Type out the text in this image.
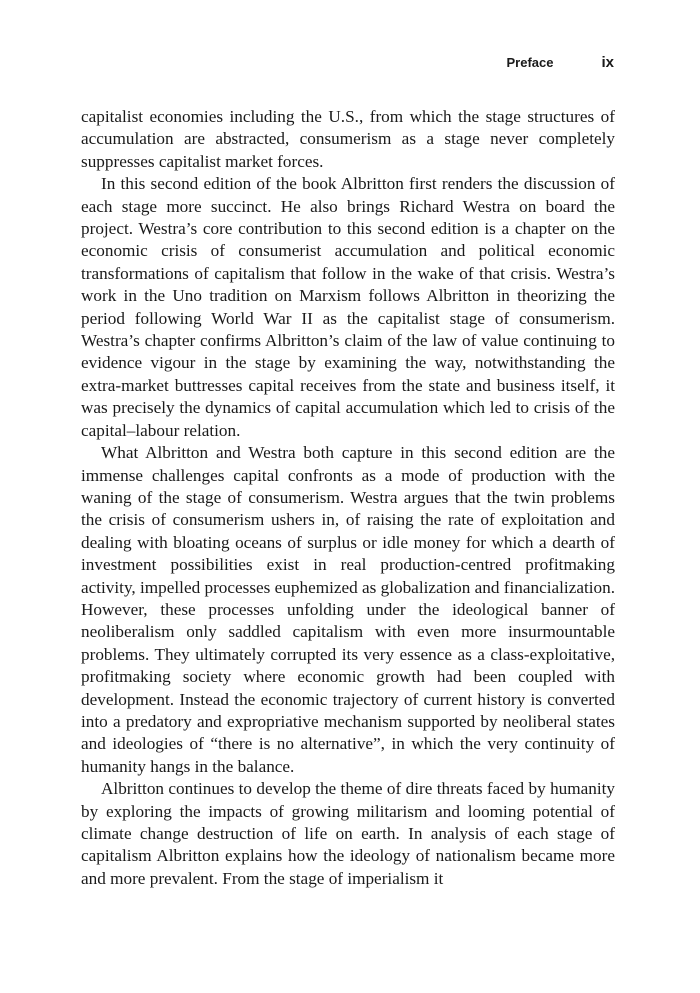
Preface	ix

capitalist economies including the U.S., from which the stage structures of accumulation are abstracted, consumerism as a stage never completely suppresses capitalist market forces.

In this second edition of the book Albritton first renders the discussion of each stage more succinct. He also brings Richard Westra on board the project. Westra’s core contribution to this second edition is a chapter on the economic crisis of consumerist accumulation and political economic transformations of capitalism that follow in the wake of that crisis. Westra’s work in the Uno tradition on Marxism follows Albritton in theorizing the period following World War II as the capitalist stage of consumerism. Westra’s chapter confirms Albritton’s claim of the law of value continuing to evidence vigour in the stage by examining the way, notwithstanding the extra-market buttresses capital receives from the state and business itself, it was precisely the dynamics of capital accumulation which led to crisis of the capital–labour relation.

What Albritton and Westra both capture in this second edition are the immense challenges capital confronts as a mode of production with the waning of the stage of consumerism. Westra argues that the twin problems the crisis of consumerism ushers in, of raising the rate of exploitation and dealing with bloating oceans of surplus or idle money for which a dearth of investment possibilities exist in real production-centred profitmaking activity, impelled processes euphemized as globalization and financialization. However, these processes unfolding under the ideological banner of neoliberalism only saddled capitalism with even more insurmountable problems. They ultimately corrupted its very essence as a class-exploitative, profitmaking society where economic growth had been coupled with development. Instead the economic trajectory of current history is converted into a predatory and expropriative mechanism supported by neoliberal states and ideologies of “there is no alternative”, in which the very continuity of humanity hangs in the balance.

Albritton continues to develop the theme of dire threats faced by humanity by exploring the impacts of growing militarism and looming potential of climate change destruction of life on earth. In analysis of each stage of capitalism Albritton explains how the ideology of nationalism became more and more prevalent. From the stage of imperialism it
